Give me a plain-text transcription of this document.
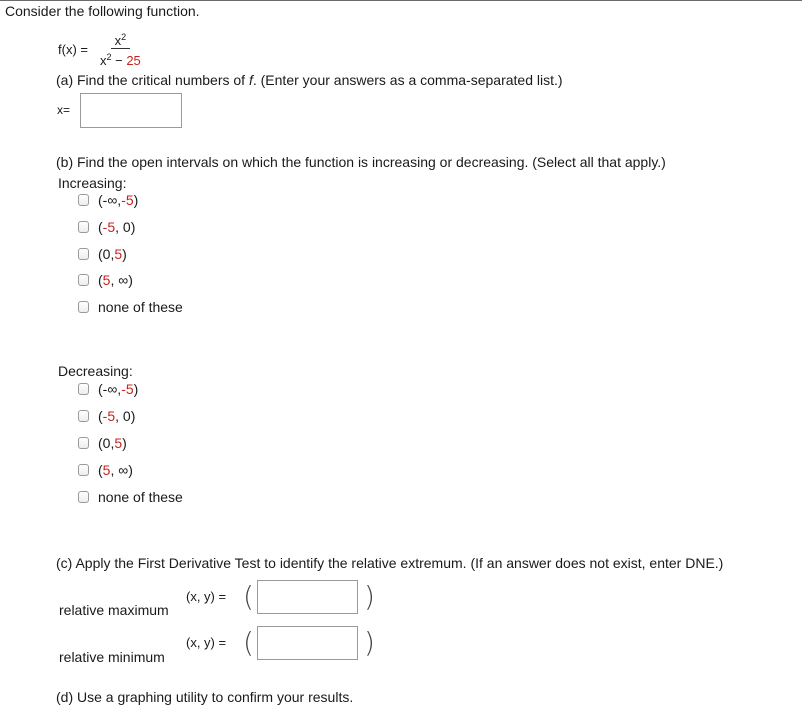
Consider the following function.
$f(x) = \frac{x^2}{x^2 - 25}$
(a) Find the critical numbers of f. (Enter your answers as a comma-separated list.)
x=
(b) Find the open intervals on which the function is increasing or decreasing. (Select all that apply.)
Increasing:
(-∞, -5 )
( -5 , 0)
(0, 5 )
( 5 , ∞)
none of these
Decreasing:
(-∞, -5 )
( -5 , 0)
(0, 5 )
( 5 , ∞)
none of these
(c) Apply the First Derivative Test to identify the relative extremum. (If an answer does not exist, enter DNE.)
(x, y) = (	)
relative maximum
(x, y) = (	)
relative minimum
(d) Use a graphing utility to confirm your results.
